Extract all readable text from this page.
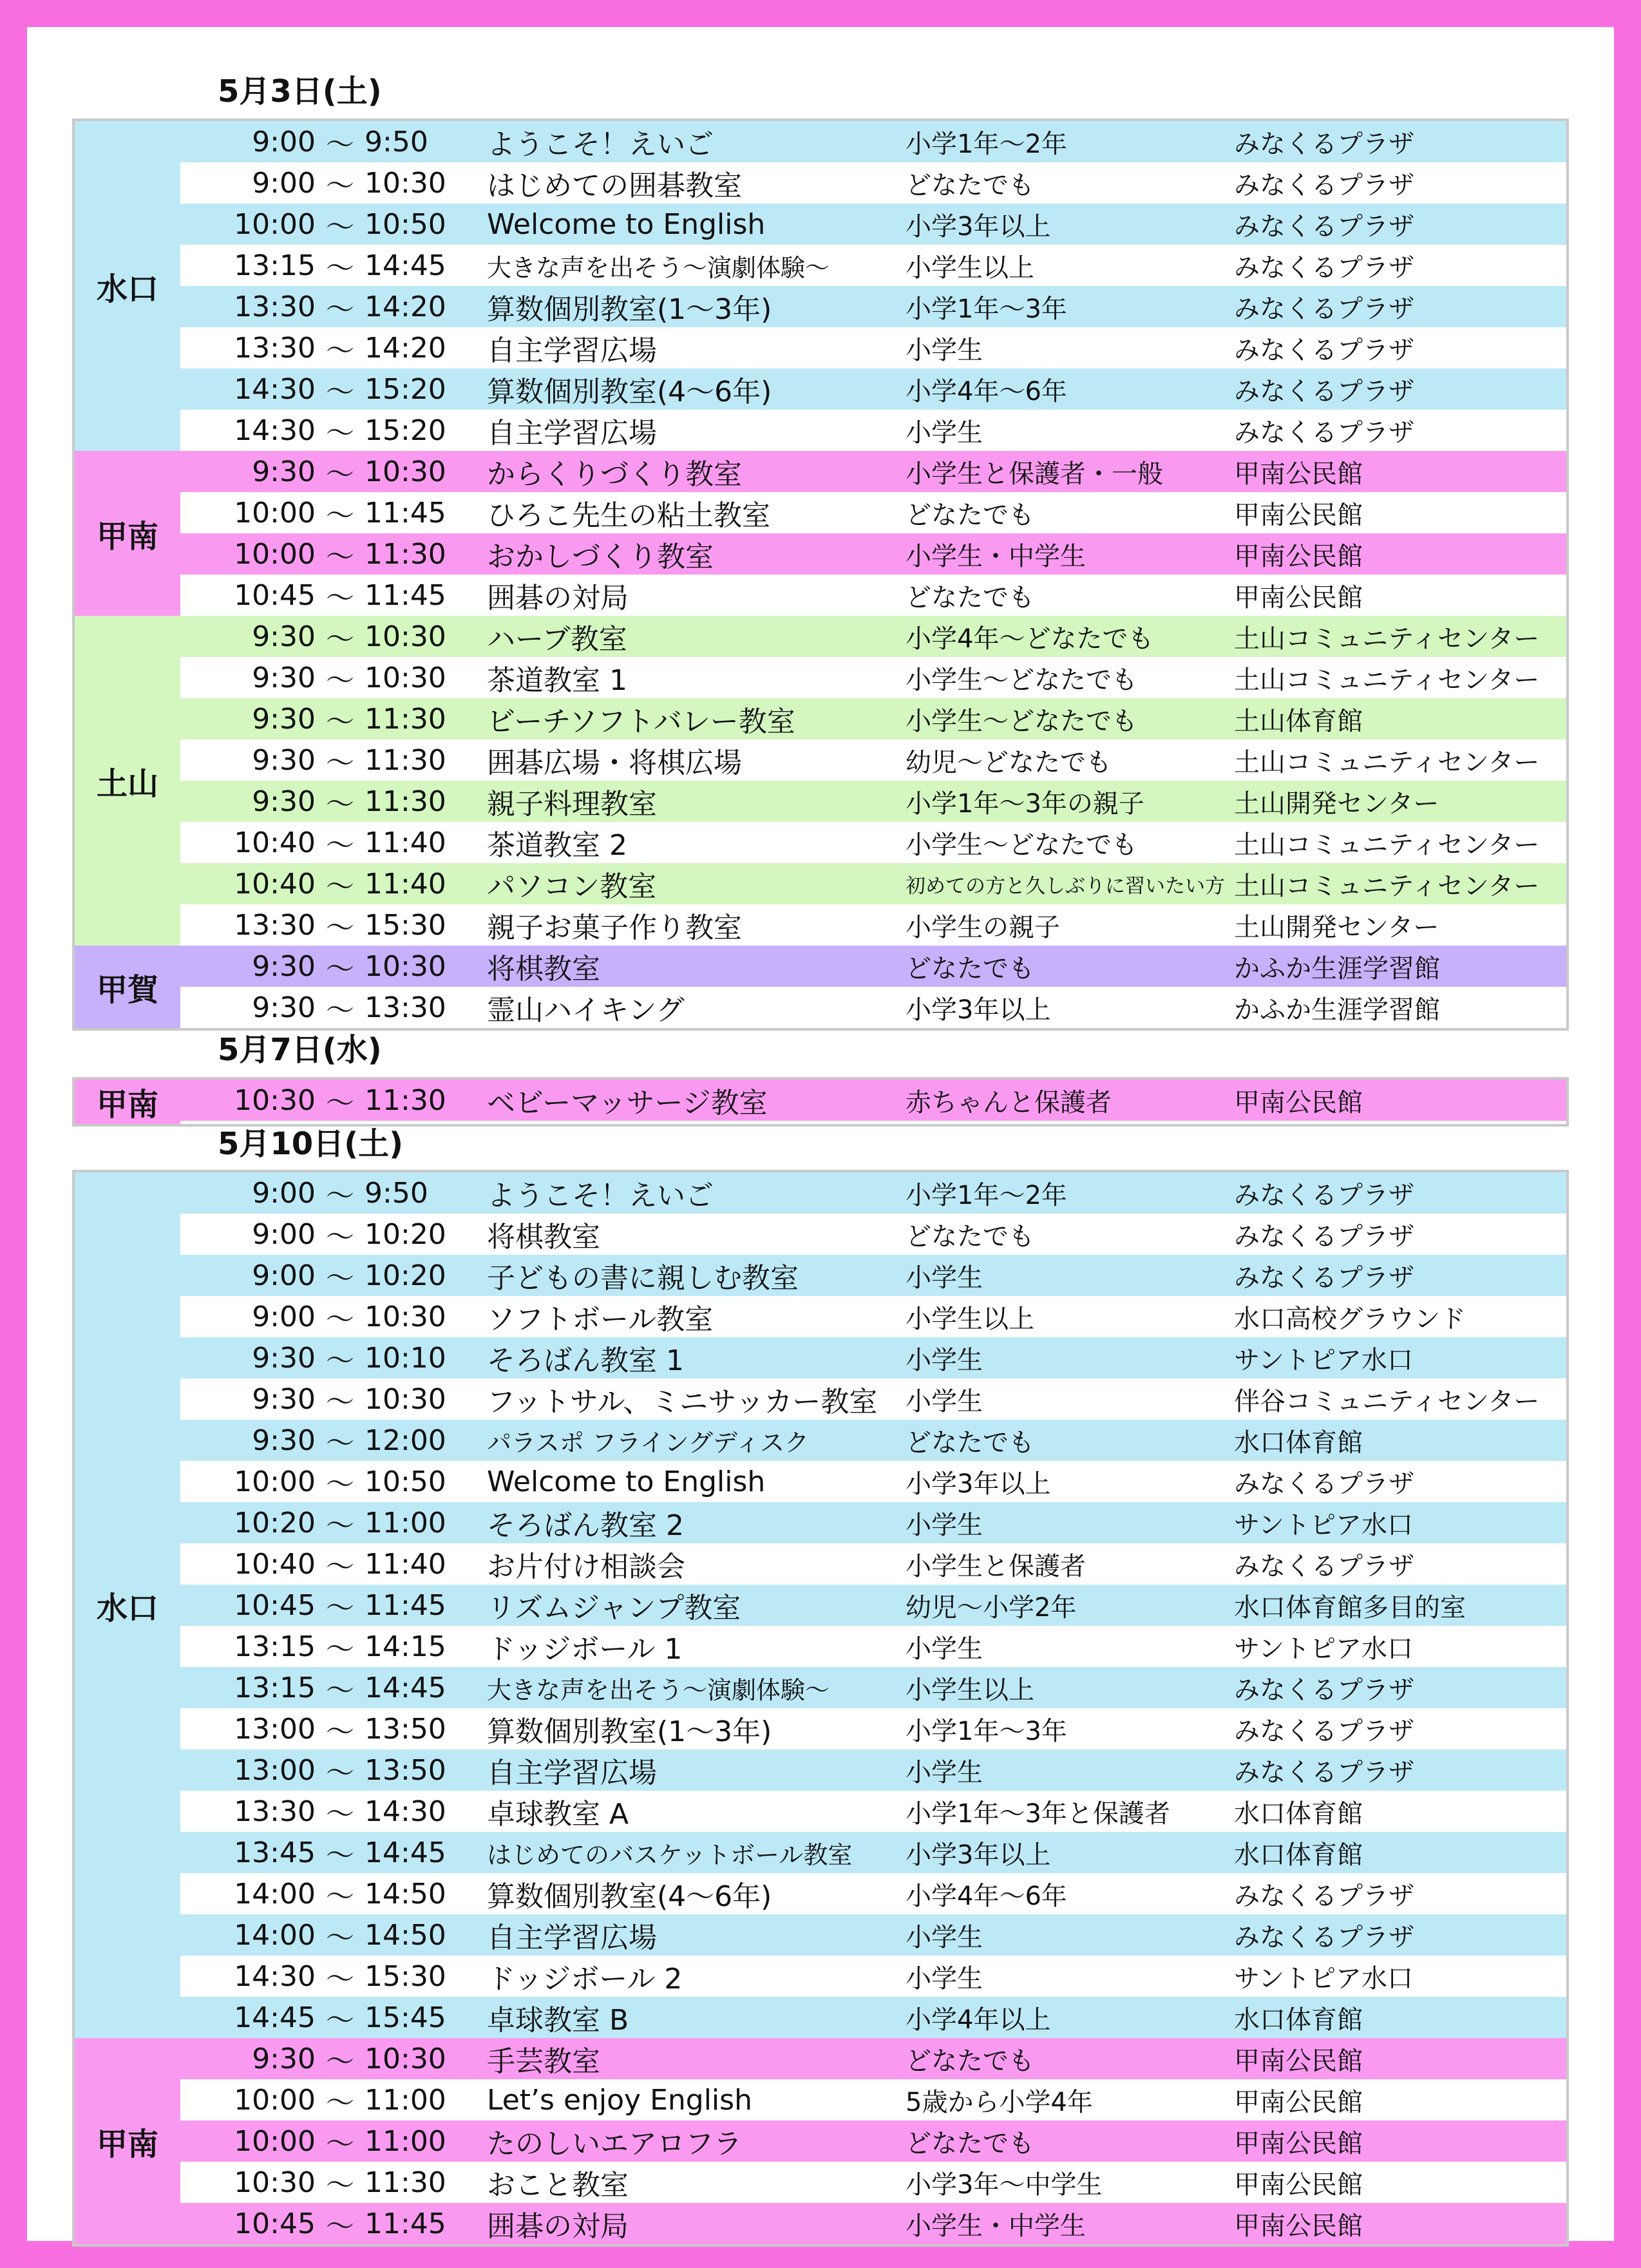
5月3日(土)
水口
9:00 ～ 9:50	ようこそ！えいご	小学1年～2年	みなくるプラザ
9:00 ～ 10:30	はじめての囲碁教室	どなたでも	みなくるプラザ
10:00 ～ 10:50	Welcome to English	小学3年以上	みなくるプラザ
13:15 ～ 14:45	大きな声を出そう～演劇体験～	小学生以上	みなくるプラザ
13:30 ～ 14:20	算数個別教室(1～3年)	小学1年～3年	みなくるプラザ
13:30 ～ 14:20	自主学習広場	小学生	みなくるプラザ
14:30 ～ 15:20	算数個別教室(4～6年)	小学4年～6年	みなくるプラザ
14:30 ～ 15:20	自主学習広場	小学生	みなくるプラザ
甲南
9:30 ～ 10:30	からくりづくり教室	小学生と保護者・一般	甲南公民館
10:00 ～ 11:45	ひろこ先生の粘土教室	どなたでも	甲南公民館
10:00 ～ 11:30	おかしづくり教室	小学生・中学生	甲南公民館
10:45 ～ 11:45	囲碁の対局	どなたでも	甲南公民館
土山
9:30 ～ 10:30	ハーブ教室	小学4年～どなたでも	土山コミュニティセンター
9:30 ～ 10:30	茶道教室 1	小学生～どなたでも	土山コミュニティセンター
9:30 ～ 11:30	ビーチソフトバレー教室	小学生～どなたでも	土山体育館
9:30 ～ 11:30	囲碁広場・将棋広場	幼児～どなたでも	土山コミュニティセンター
9:30 ～ 11:30	親子料理教室	小学1年～3年の親子	土山開発センター
10:40 ～ 11:40	茶道教室 2	小学生～どなたでも	土山コミュニティセンター
10:40 ～ 11:40	パソコン教室	初めての方と久しぶりに習いたい方 土山コミュニティセンター
13:30 ～ 15:30	親子お菓子作り教室	小学生の親子	土山開発センター
甲賀
9:30 ～ 10:30	将棋教室	どなたでも	かふか生涯学習館
9:30 ～ 13:30	霊山ハイキング	小学3年以上	かふか生涯学習館
5月7日(水)
甲南	10:30 ～ 11:30	ベビーマッサージ教室	赤ちゃんと保護者	甲南公民館
5月10日(土)
水口
9:00 ～ 9:50	ようこそ！えいご	小学1年～2年	みなくるプラザ
9:00 ～ 10:20	将棋教室	どなたでも	みなくるプラザ
9:00 ～ 10:20	子どもの書に親しむ教室	小学生	みなくるプラザ
9:00 ～ 10:30	ソフトボール教室	小学生以上	水口高校グラウンド
9:30 ～ 10:10	そろばん教室 1	小学生	サントピア水口
9:30 ～ 10:30	フットサル、ミニサッカー教室	小学生	伴谷コミュニティセンター
9:30 ～ 12:00	パラスポ フライングディスク	どなたでも	水口体育館
10:00 ～ 10:50	Welcome to English	小学3年以上	みなくるプラザ
10:20 ～ 11:00	そろばん教室 2	小学生	サントピア水口
10:40 ～ 11:40	お片付け相談会	小学生と保護者	みなくるプラザ
10:45 ～ 11:45	リズムジャンプ教室	幼児～小学2年	水口体育館多目的室
13:15 ～ 14:15	ドッジボール 1	小学生	サントピア水口
13:15 ～ 14:45	大きな声を出そう～演劇体験～	小学生以上	みなくるプラザ
13:00 ～ 13:50	算数個別教室(1～3年)	小学1年～3年	みなくるプラザ
13:00 ～ 13:50	自主学習広場	小学生	みなくるプラザ
13:30 ～ 14:30	卓球教室 A	小学1年～3年と保護者	水口体育館
13:45 ～ 14:45	はじめてのバスケットボール教室	小学3年以上	水口体育館
14:00 ～ 14:50	算数個別教室(4～6年)	小学4年～6年	みなくるプラザ
14:00 ～ 14:50	自主学習広場	小学生	みなくるプラザ
14:30 ～ 15:30	ドッジボール 2	小学生	サントピア水口
14:45 ～ 15:45	卓球教室 B	小学4年以上	水口体育館
甲南
9:30 ～ 10:30	手芸教室	どなたでも	甲南公民館
10:00 ～ 11:00	Let’s enjoy English	5歳から小学4年	甲南公民館
10:00 ～ 11:00	たのしいエアロフラ	どなたでも	甲南公民館
10:30 ～ 11:30	おこと教室	小学3年～中学生	甲南公民館
10:45 ～ 11:45	囲碁の対局	小学生・中学生	甲南公民館
